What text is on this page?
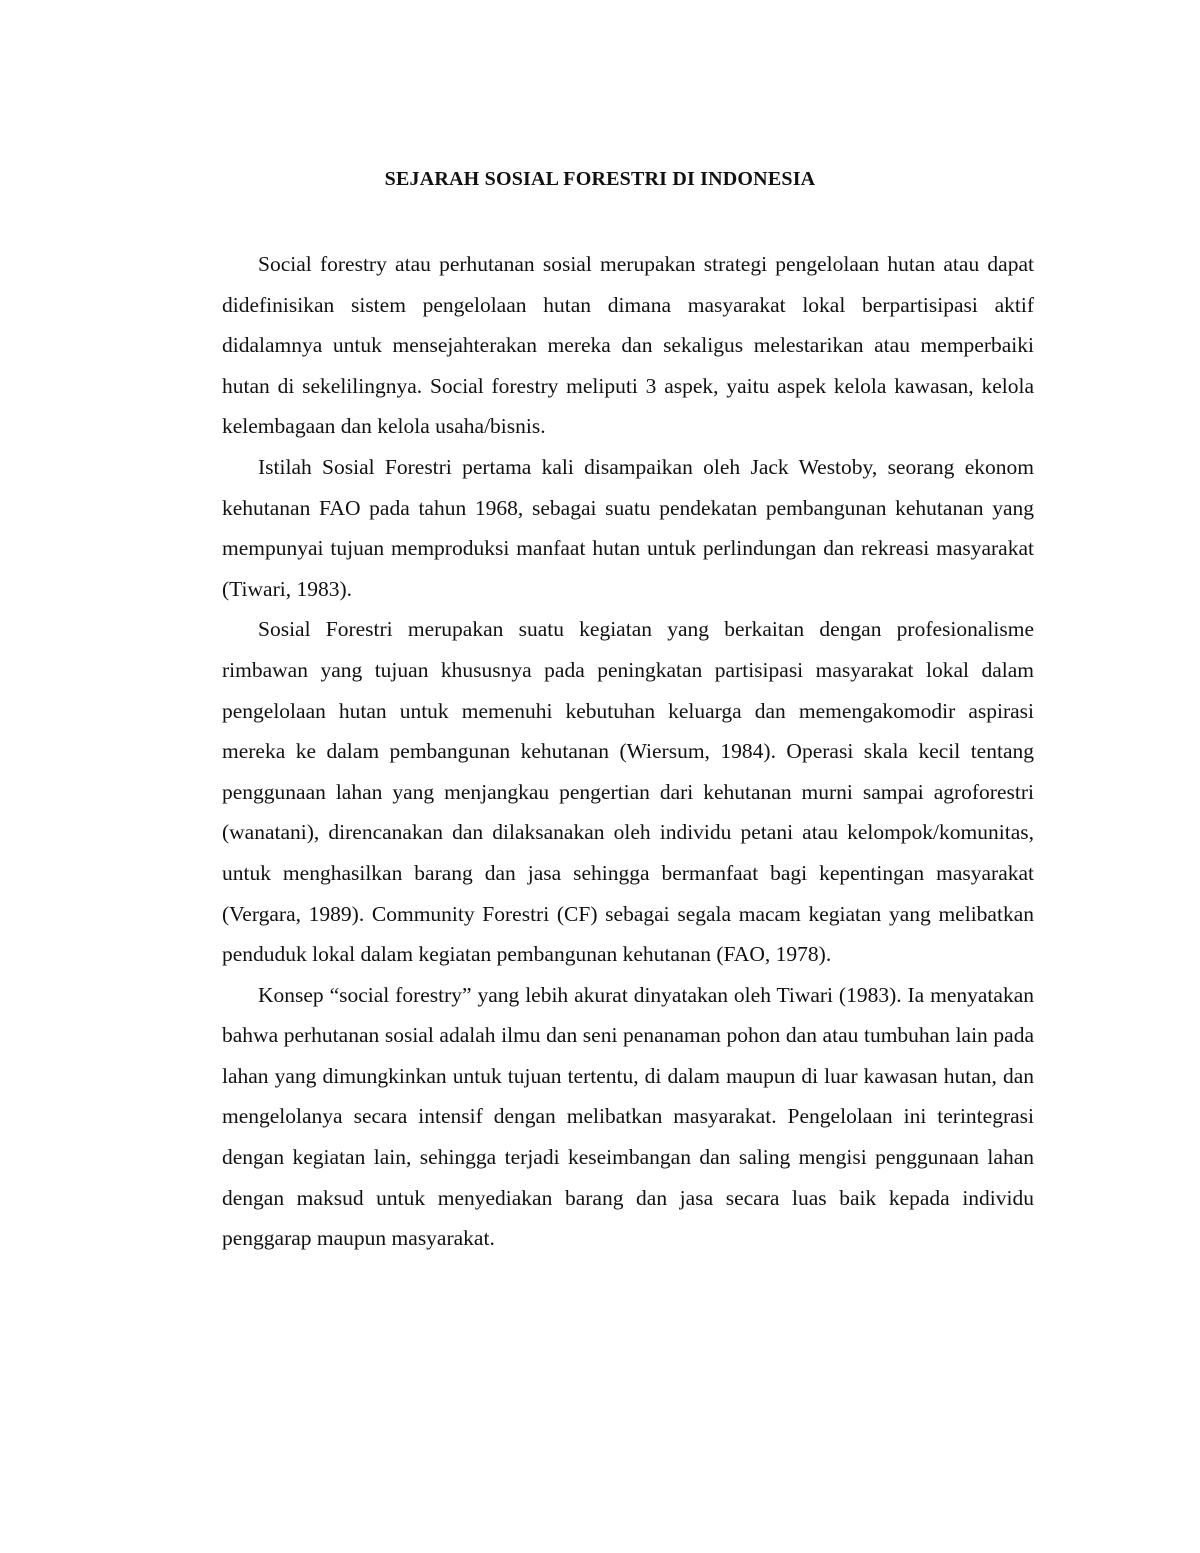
SEJARAH SOSIAL FORESTRI DI INDONESIA

Social forestry atau perhutanan sosial merupakan strategi pengelolaan hutan atau dapat didefinisikan sistem pengelolaan hutan dimana masyarakat lokal berpartisipasi aktif didalamnya untuk mensejahterakan mereka dan sekaligus melestarikan atau memperbaiki hutan di sekelilingnya. Social forestry meliputi 3 aspek, yaitu aspek kelola kawasan, kelola kelembagaan dan kelola usaha/bisnis.

Istilah Sosial Forestri pertama kali disampaikan oleh Jack Westoby, seorang ekonom kehutanan FAO pada tahun 1968, sebagai suatu pendekatan pembangunan kehutanan yang mempunyai tujuan memproduksi manfaat hutan untuk perlindungan dan rekreasi masyarakat (Tiwari, 1983).

Sosial Forestri merupakan suatu kegiatan yang berkaitan dengan profesionalisme rimbawan yang tujuan khususnya pada peningkatan partisipasi masyarakat lokal dalam pengelolaan hutan untuk memenuhi kebutuhan keluarga dan memengakomodir aspirasi mereka ke dalam pembangunan kehutanan (Wiersum, 1984). Operasi skala kecil tentang penggunaan lahan yang menjangkau pengertian dari kehutanan murni sampai agroforestri (wanatani), direncanakan dan dilaksanakan oleh individu petani atau kelompok/komunitas, untuk menghasilkan barang dan jasa sehingga bermanfaat bagi kepentingan masyarakat (Vergara, 1989). Community Forestri (CF) sebagai segala macam kegiatan yang melibatkan penduduk lokal dalam kegiatan pembangunan kehutanan (FAO, 1978).

Konsep “social forestry” yang lebih akurat dinyatakan oleh Tiwari (1983). Ia menyatakan bahwa perhutanan sosial adalah ilmu dan seni penanaman pohon dan atau tumbuhan lain pada lahan yang dimungkinkan untuk tujuan tertentu, di dalam maupun di luar kawasan hutan, dan mengelolanya secara intensif dengan melibatkan masyarakat. Pengelolaan ini terintegrasi dengan kegiatan lain, sehingga terjadi keseimbangan dan saling mengisi penggunaan lahan dengan maksud untuk menyediakan barang dan jasa secara luas baik kepada individu penggarap maupun masyarakat.
